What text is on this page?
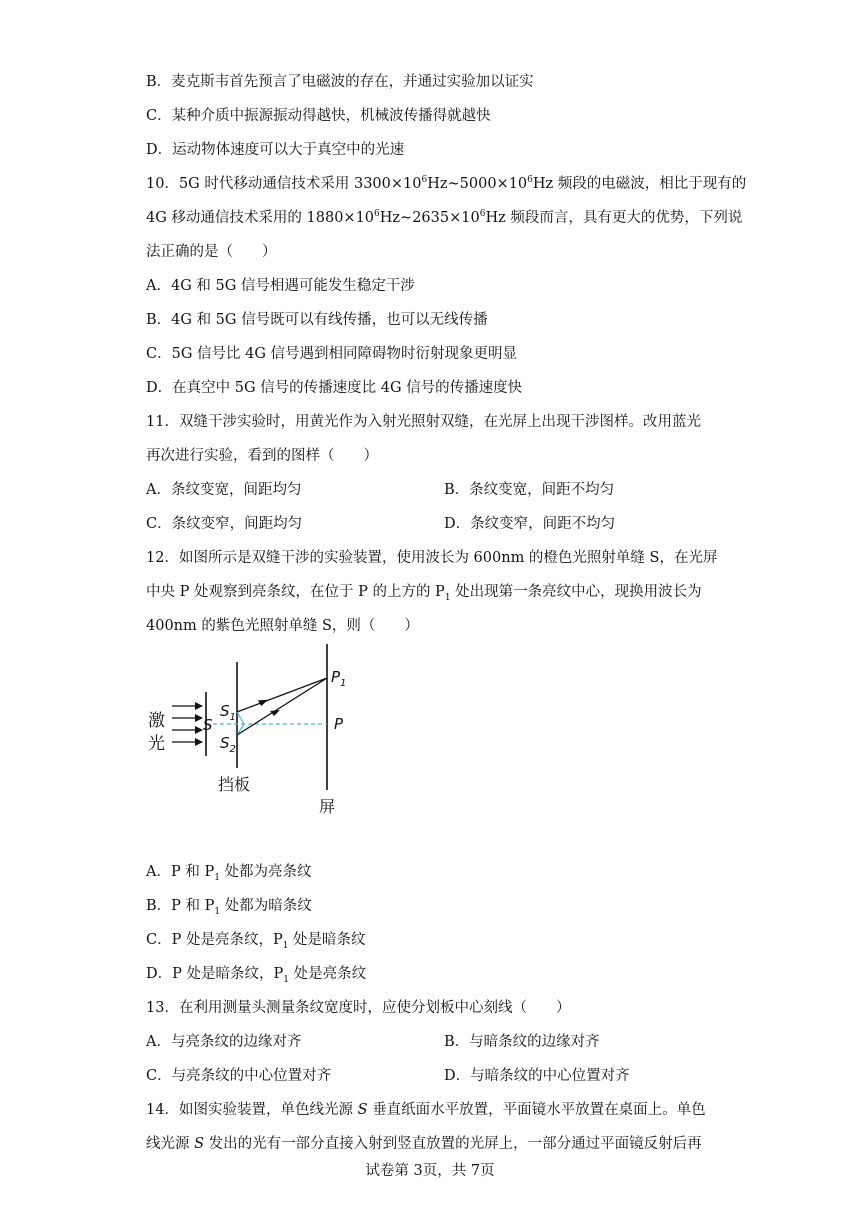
B．麦克斯韦首先预言了电磁波的存在，并通过实验加以证实
C．某种介质中振源振动得越快，机械波传播得就越快
D．运动物体速度可以大于真空中的光速
10．5G 时代移动通信技术采用 $3300\times 10^6Hz\sim 5000\times 10^6Hz$ 频段的电磁波，相比于现有的
4G 移动通信技术采用的 $1880\times 10^6Hz\sim 2635\times 10^6Hz$ 频段而言，具有更大的优势，下列说
法正确的是（　　）
A．4G 和 5G 信号相遇可能发生稳定干涉
B．4G 和 5G 信号既可以有线传播，也可以无线传播
C．5G 信号比 4G 信号遇到相同障碍物时衍射现象更明显
D．在真空中 5G 信号的传播速度比 4G 信号的传播速度快
11．双缝干涉实验时，用黄光作为入射光照射双缝，在光屏上出现干涉图样。改用蓝光
再次进行实验，看到的图样（　　）
A．条纹变宽，间距均匀	B．条纹变宽，间距不均匀
C．条纹变窄，间距均匀	D．条纹变窄，间距不均匀
12．如图所示是双缝干涉的实验装置，使用波长为 600nm 的橙色光照射单缝 S，在光屏
中央 P 处观察到亮条纹，在位于 P 的上方的 $P_1$ 处出现第一条亮纹中心，现换用波长为
400nm 的紫色光照射单缝 S，则（　　）
激
光
S
$S_1$
$S_2$
$P_1$
P
挡板
屏
A．P 和 $P_1$ 处都为亮条纹
B．P 和 $P_1$ 处都为暗条纹
C．P 处是亮条纹，$P_1$ 处是暗条纹
D．P 处是暗条纹，$P_1$ 处是亮条纹
13．在利用测量头测量条纹宽度时，应使分划板中心刻线（　　）
A．与亮条纹的边缘对齐	B．与暗条纹的边缘对齐
C．与亮条纹的中心位置对齐	D．与暗条纹的中心位置对齐
14．如图实验装置，单色线光源 S 垂直纸面水平放置，平面镜水平放置在桌面上。单色
线光源 S 发出的光有一部分直接入射到竖直放置的光屏上，一部分通过平面镜反射后再
试卷第 3页，共 7页
